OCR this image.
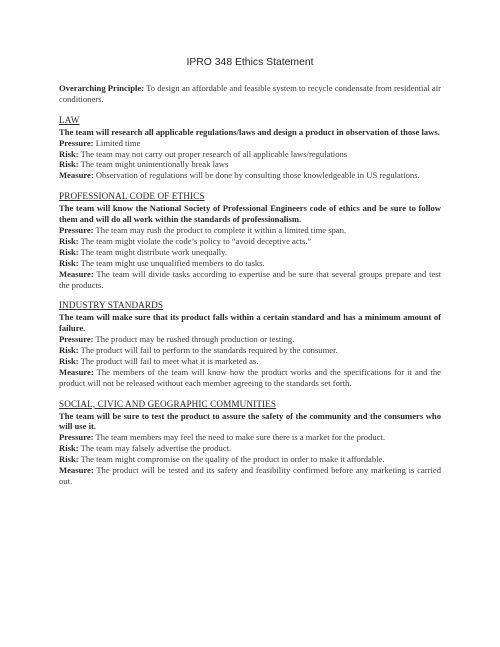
IPRO 348 Ethics Statement

Overarching Principle: To design an affordable and feasible system to recycle condensate from residential air conditioners.

LAW

The team will research all applicable regulations/laws and design a product in observation of those laws.

Pressure: Limited time

Risk: The team may not carry out proper research of all applicable laws/regulations

Risk: The team might unintentionally break laws

Measure: Observation of regulations will be done by consulting those knowledgeable in US regulations.

PROFESSIONAL CODE OF ETHICS

The team will know the National Society of Professional Engineers code of ethics and be sure to follow them and will do all work within the standards of professionalism.

Pressure: The team may rush the product to complete it within a limited time span.

Risk: The team might violate the code’s policy to “avoid deceptive acts.”

Risk: The team might distribute work unequally.

Risk: The team might use unqualified members to do tasks.

Measure: The team will divide tasks according to expertise and be sure that several groups prepare and test the products.

INDUSTRY STANDARDS

The team will make sure that its product falls within a certain standard and has a minimum amount of failure.

Pressure: The product may be rushed through production or testing.

Risk: The product will fail to perform to the standards required by the consumer.

Risk: The product will fail to meet what it is marketed as.

Measure: The members of the team will know how the product works and the specifications for it and the product will not be released without each member agreeing to the standards set forth.

SOCIAL, CIVIC AND GEOGRAPHIC COMMUNITIES

The team will be sure to test the product to assure the safety of the community and the consumers who will use it.

Pressure: The team members may feel the need to make sure there is a market for the product.

Risk: The team may falsely advertise the product.

Risk: The team might compromise on the quality of the product in order to make it affordable.

Measure: The product will be tested and its safety and feasibility confirmed before any marketing is carried out.
